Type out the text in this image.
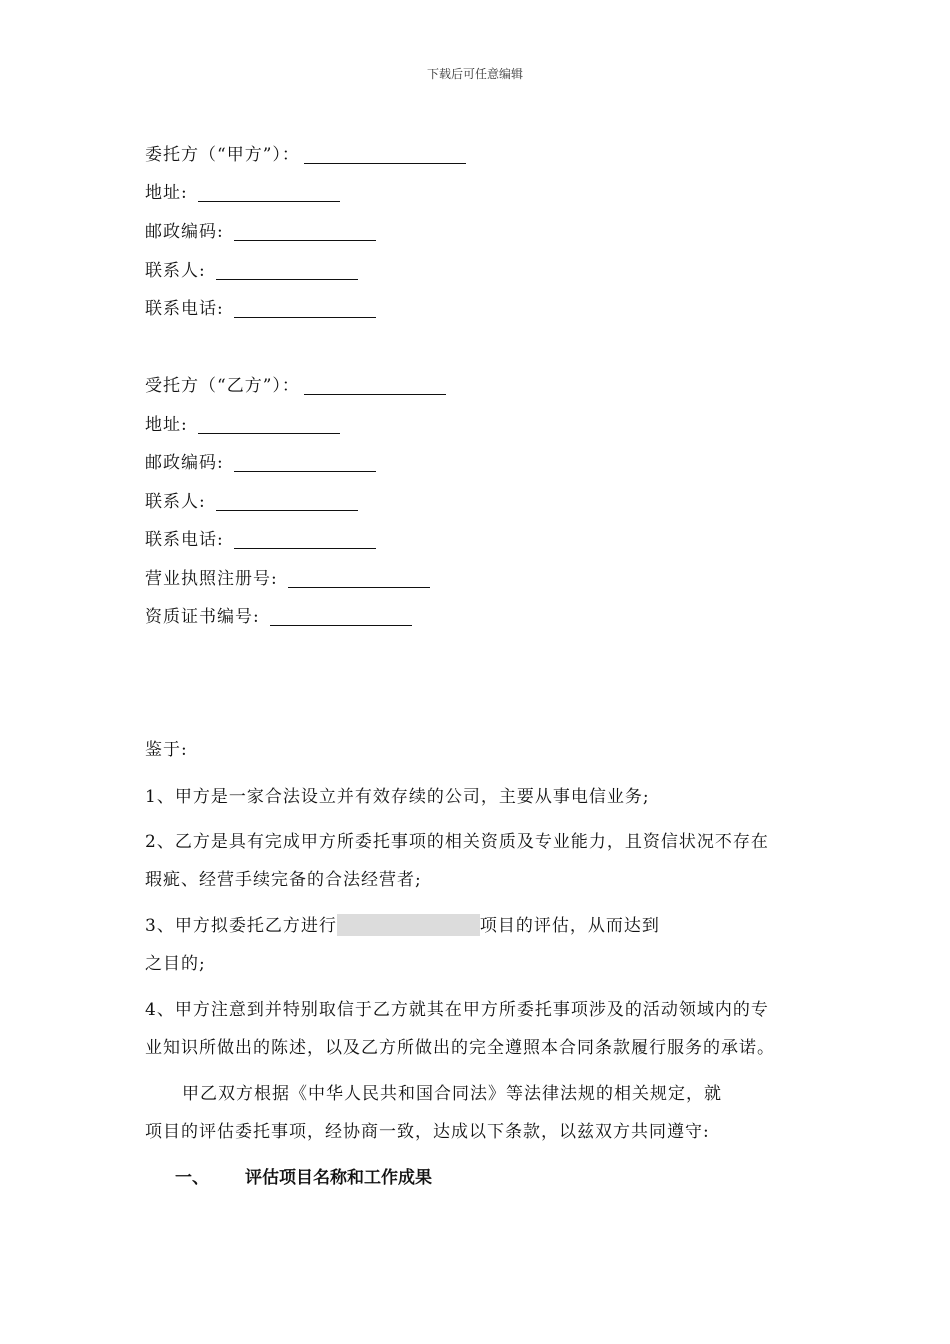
下载后可任意编辑
委托方（“甲方”）：
地址:
邮政编码:
联系人:
联系电话:
受托方（“乙方”）：
地址:
邮政编码:
联系人:
联系电话:
营业执照注册号:
资质证书编号:
鉴于:
1、甲方是一家合法设立并有效存续的公司，主要从事电信业务;
2、乙方是具有完成甲方所委托事项的相关资质及专业能力，且资信状况不存在
瑕疵、经营手续完备的合法经营者;
3、甲方拟委托乙方进行	项目的评估，从而达到
之目的;
4、甲方注意到并特别取信于乙方就其在甲方所委托事项涉及的活动领域内的专
业知识所做出的陈述，以及乙方所做出的完全遵照本合同条款履行服务的承诺。
甲乙双方根据《中华人民共和国合同法》等法律法规的相关规定，就
项目的评估委托事项，经协商一致，达成以下条款，以兹双方共同遵守:
一、 评估项目名称和工作成果
